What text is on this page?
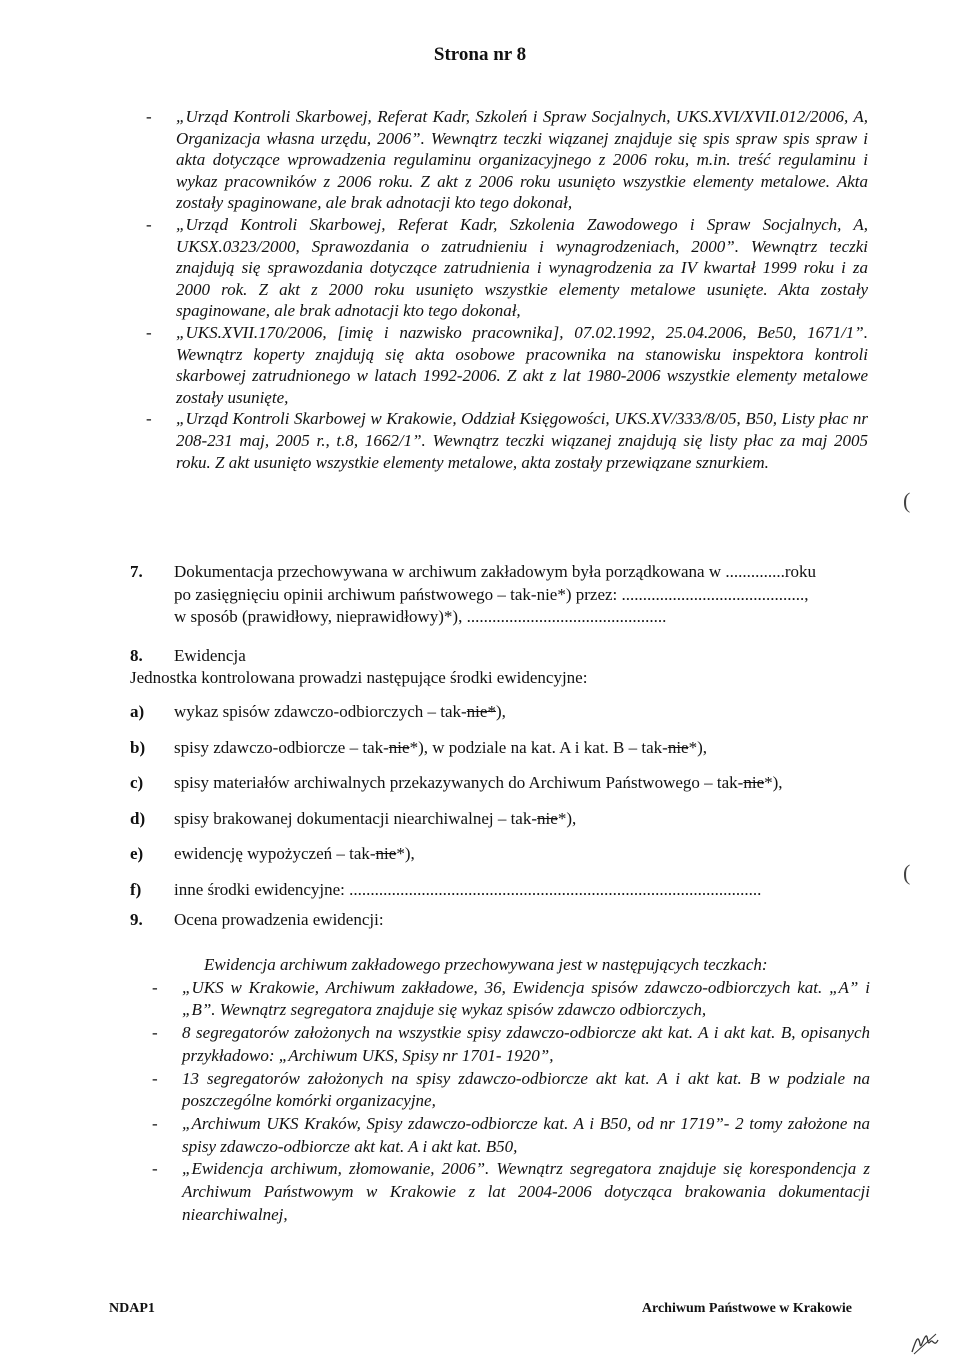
Strona nr 8
- „Urząd Kontroli Skarbowej, Referat Kadr, Szkoleń i Spraw Socjalnych, UKS.XVI/XVII.012/2006, A, Organizacja własna urzędu, 2006”. Wewnątrz teczki wiązanej znajduje się spis spraw spis spraw i akta dotyczące wprowadzenia regulaminu organizacyjnego z 2006 roku, m.in. treść regulaminu i wykaz pracowników z 2006 roku. Z akt z 2006 roku usunięto wszystkie elementy metalowe. Akta zostały spaginowane, ale brak adnotacji kto tego dokonał,
- „Urząd Kontroli Skarbowej, Referat Kadr, Szkolenia Zawodowego i Spraw Socjalnych, A, UKSX.0323/2000, Sprawozdania o zatrudnieniu i wynagrodzeniach, 2000”. Wewnątrz teczki znajdują się sprawozdania dotyczące zatrudnienia i wynagrodzenia za IV kwartał 1999 roku i za 2000 rok. Z akt z 2000 roku usunięto wszystkie elementy metalowe usunięte. Akta zostały spaginowane, ale brak adnotacji kto tego dokonał,
- „UKS.XVII.170/2006, [imię i nazwisko pracownika], 07.02.1992, 25.04.2006, Be50, 1671/1”. Wewnątrz koperty znajdują się akta osobowe pracownika na stanowisku inspektora kontroli skarbowej zatrudnionego w latach 1992-2006. Z akt z lat 1980-2006 wszystkie elementy metalowe zostały usunięte,
- „Urząd Kontroli Skarbowej w Krakowie, Oddział Księgowości, UKS.XV/333/8/05, B50, Listy płac nr 208-231 maj, 2005 r., t.8, 1662/1”. Wewnątrz teczki wiązanej znajdują się listy płac za maj 2005 roku. Z akt usunięto wszystkie elementy metalowe, akta zostały przewiązane sznurkiem.
7. Dokumentacja przechowywana w archiwum zakładowym była porządkowana w ..............roku
po zasięgnięciu opinii archiwum państwowego – tak-nie*) przez: ...........................................,
w sposób (prawidłowy, nieprawidłowy)*), ...............................................
8. Ewidencja
Jednostka kontrolowana prowadzi następujące środki ewidencyjne:
a) wykaz spisów zdawczo-odbiorczych – tak-nie*),
b) spisy zdawczo-odbiorcze – tak-nie*), w podziale na kat. A i kat. B – tak-nie*),
c) spisy materiałów archiwalnych przekazywanych do Archiwum Państwowego – tak-nie*),
d) spisy brakowanej dokumentacji niearchiwalnej – tak-nie*),
e) ewidencję wypożyczeń – tak-nie*),
f) inne środki ewidencyjne: .................................................................................................
9. Ocena prowadzenia ewidencji:
Ewidencja archiwum zakładowego przechowywana jest w następujących teczkach:
- „UKS w Krakowie, Archiwum zakładowe, 36, Ewidencja spisów zdawczo-odbiorczych kat. „A” i „B”. Wewnątrz segregatora znajduje się wykaz spisów zdawczo odbiorczych,
- 8 segregatorów założonych na wszystkie spisy zdawczo-odbiorcze akt kat. A i akt kat. B, opisanych przykładowo: „Archiwum UKS, Spisy nr 1701- 1920”,
- 13 segregatorów założonych na spisy zdawczo-odbiorcze akt kat. A i akt kat. B w podziale na poszczególne komórki organizacyjne,
- „Archiwum UKS Kraków, Spisy zdawczo-odbiorcze kat. A i B50, od nr 1719”- 2 tomy założone na spisy zdawczo-odbiorcze akt kat. A i akt kat. B50,
- „Ewidencja archiwum, złomowanie, 2006”. Wewnątrz segregatora znajduje się korespondencja z Archiwum Państwowym w Krakowie z lat 2004-2006 dotycząca brakowania dokumentacji niearchiwalnej,
(
(
NDAP1	Archiwum Państwowe w Krakowie
